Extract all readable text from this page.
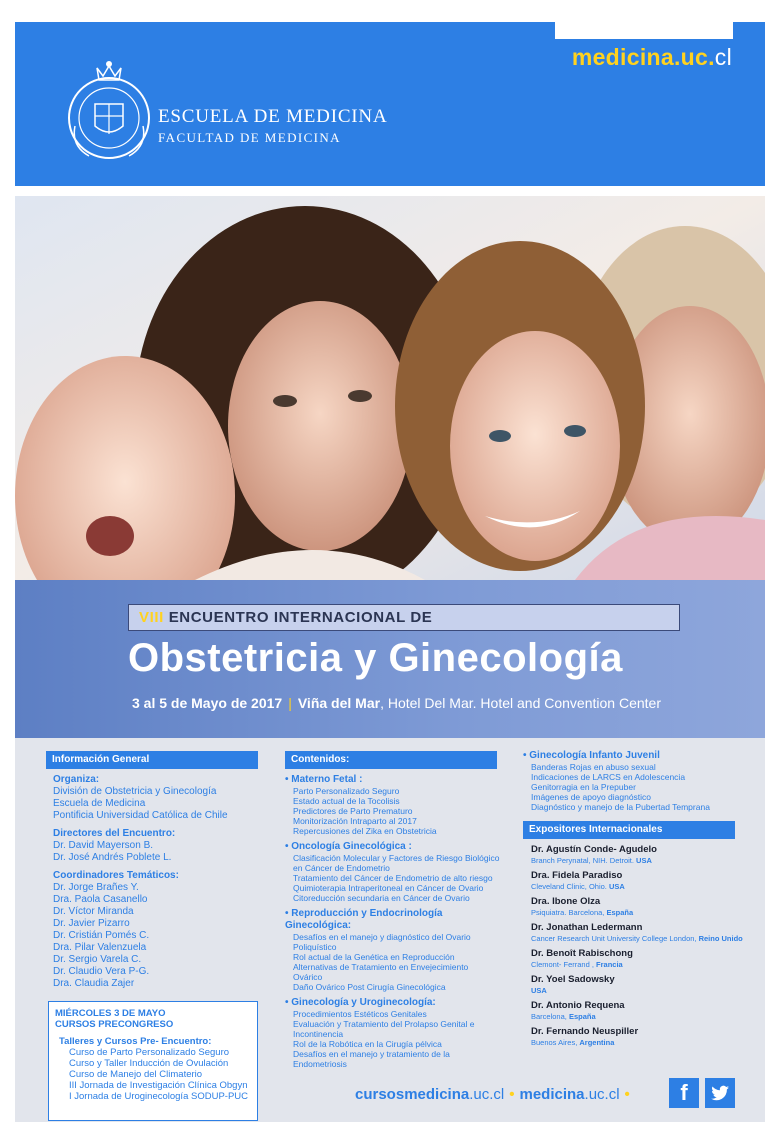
medicina.uc.cl
ESCUELA DE MEDICINA
FACULTAD DE MEDICINA
VIII ENCUENTRO INTERNACIONAL DE
Obstetricia y Ginecología
3 al 5 de Mayo de 2017 | Viña del Mar, Hotel Del Mar. Hotel and Convention Center
Información General
Organiza:
División de Obstetricia y Ginecología
Escuela de Medicina
Pontificia Universidad Católica de Chile
Directores del Encuentro:
Dr. David Mayerson B.
Dr. José Andrés Poblete L.
Coordinadores Temáticos:
Dr. Jorge Brañes Y.
Dra. Paola Casanello
Dr. Víctor Miranda
Dr. Javier Pizarro
Dr. Cristián Pomés C.
Dra. Pilar Valenzuela
Dr. Sergio Varela C.
Dr. Claudio Vera P-G.
Dra. Claudia Zajer
MIÉRCOLES 3 DE MAYO
CURSOS PRECONGRESO
Talleres y Cursos Pre- Encuentro:
Curso de Parto Personalizado Seguro
Curso y Taller Inducción de Ovulación
Curso de Manejo del Climaterio
III Jornada de Investigación Clínica Obgyn
I Jornada de Uroginecología SODUP-PUC
Contenidos:
• Materno Fetal :
Parto Personalizado Seguro
Estado actual de la Tocolisis
Predictores de Parto Prematuro
Monitorización Intraparto al 2017
Repercusiones del Zika en Obstetricia
• Oncología Ginecológica :
Clasificación Molecular y Factores de Riesgo Biológico
en Cáncer de Endometrio
Tratamiento del Cáncer de Endometrio de alto riesgo
Quimioterapia Intraperitoneal en Cáncer de Ovario
Citoreducción secundaria en Cáncer de Ovario
• Reproducción y Endocrinología Ginecológica:
Desafíos en el manejo y diagnóstico del Ovario
Poliquístico
Rol actual de la Genética en Reproducción
Alternativas de Tratamiento en Envejecimiento
Ovárico
Daño Ovárico Post Cirugía Ginecológica
• Ginecología y Uroginecología:
Procedimientos Estéticos Genitales
Evaluación y Tratamiento del Prolapso Genital e
Incontinencia
Rol de la Robótica en la Cirugía pélvica
Desafíos en el manejo y tratamiento de la
Endometriosis
• Ginecología Infanto Juvenil
Banderas Rojas en abuso sexual
Indicaciones de LARCS en Adolescencia
Genitorragia en la Prepuber
Imágenes de apoyo diagnóstico
Diagnóstico y manejo de la Pubertad Temprana
Expositores Internacionales
Dr. Agustín Conde- Agudelo
Branch Perynatal, NIH. Detroit. USA
Dra. Fidela Paradiso
Cleveland Clinic, Ohio. USA
Dra. Ibone Olza
Psiquiatra. Barcelona, España
Dr. Jonathan Ledermann
Cancer Research Unit University College London, Reino Unido
Dr. Benoît Rabischong
Clemont- Ferrand , Francia
Dr. Yoel Sadowsky
USA
Dr. Antonio Requena
Barcelona, España
Dr. Fernando Neuspiller
Buenos Aires, Argentina
cursosmedicina.uc.cl • medicina.uc.cl •	f
